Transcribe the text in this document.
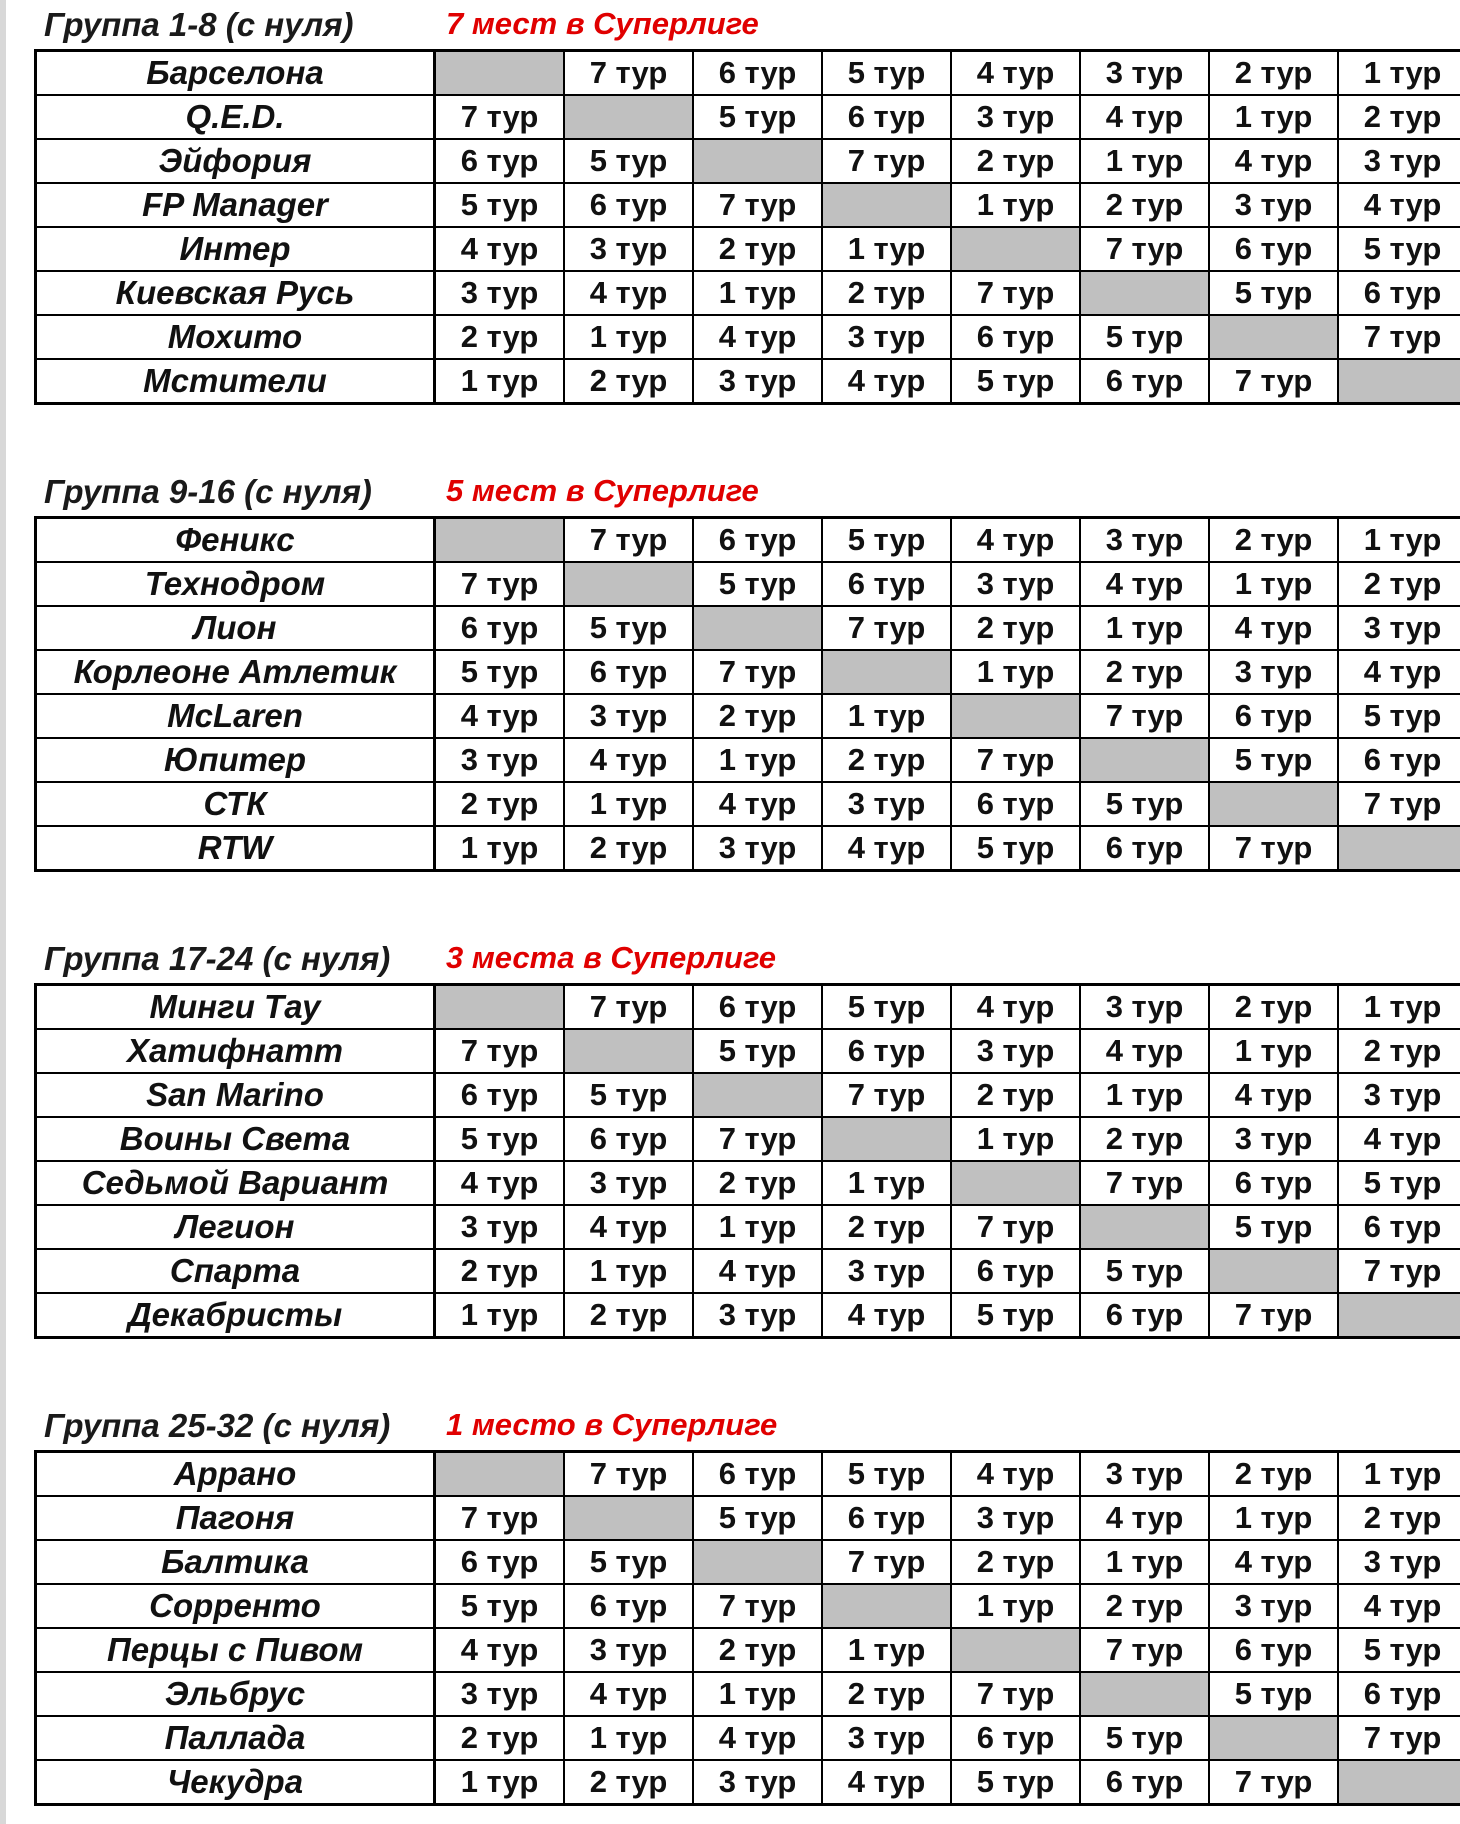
Группа 1-8 (с нуля)	7 мест в Суперлиге
Барселона		7 тур	6 тур	5 тур	4 тур	3 тур	2 тур	1 тур
Q.E.D.	7 тур		5 тур	6 тур	3 тур	4 тур	1 тур	2 тур
Эйфория	6 тур	5 тур		7 тур	2 тур	1 тур	4 тур	3 тур
FP Manager	5 тур	6 тур	7 тур		1 тур	2 тур	3 тур	4 тур
Интер	4 тур	3 тур	2 тур	1 тур		7 тур	6 тур	5 тур
Киевская Русь	3 тур	4 тур	1 тур	2 тур	7 тур		5 тур	6 тур
Мохито	2 тур	1 тур	4 тур	3 тур	6 тур	5 тур		7 тур
Мстители	1 тур	2 тур	3 тур	4 тур	5 тур	6 тур	7 тур	
Группа 9-16 (с нуля) 5 мест в Суперлиге
Феникс		7 тур	6 тур	5 тур	4 тур	3 тур	2 тур	1 тур
Технодром	7 тур		5 тур	6 тур	3 тур	4 тур	1 тур	2 тур
Лион	6 тур	5 тур		7 тур	2 тур	1 тур	4 тур	3 тур
Корлеоне Атлетик	5 тур	6 тур	7 тур		1 тур	2 тур	3 тур	4 тур
McLaren	4 тур	3 тур	2 тур	1 тур		7 тур	6 тур	5 тур
Юпитер	3 тур	4 тур	1 тур	2 тур	7 тур		5 тур	6 тур
СТК	2 тур	1 тур	4 тур	3 тур	6 тур	5 тур		7 тур
RTW	1 тур	2 тур	3 тур	4 тур	5 тур	6 тур	7 тур	
Группа 17-24 (с нуля) 3 места в Суперлиге
Минги Тау		7 тур	6 тур	5 тур	4 тур	3 тур	2 тур	1 тур
Хатифнатт	7 тур		5 тур	6 тур	3 тур	4 тур	1 тур	2 тур
San Marino	6 тур	5 тур		7 тур	2 тур	1 тур	4 тур	3 тур
Воины Света	5 тур	6 тур	7 тур		1 тур	2 тур	3 тур	4 тур
Седьмой Вариант	4 тур	3 тур	2 тур	1 тур		7 тур	6 тур	5 тур
Легион	3 тур	4 тур	1 тур	2 тур	7 тур		5 тур	6 тур
Спарта	2 тур	1 тур	4 тур	3 тур	6 тур	5 тур		7 тур
Декабристы	1 тур	2 тур	3 тур	4 тур	5 тур	6 тур	7 тур	
Группа 25-32 (с нуля) 1 место в Суперлиге
Аррано		7 тур	6 тур	5 тур	4 тур	3 тур	2 тур	1 тур
Пагоня	7 тур		5 тур	6 тур	3 тур	4 тур	1 тур	2 тур
Балтика	6 тур	5 тур		7 тур	2 тур	1 тур	4 тур	3 тур
Сорренто	5 тур	6 тур	7 тур		1 тур	2 тур	3 тур	4 тур
Перцы с Пивом	4 тур	3 тур	2 тур	1 тур		7 тур	6 тур	5 тур
Эльбрус	3 тур	4 тур	1 тур	2 тур	7 тур		5 тур	6 тур
Паллада	2 тур	1 тур	4 тур	3 тур	6 тур	5 тур		7 тур
Чекудра	1 тур	2 тур	3 тур	4 тур	5 тур	6 тур	7 тур	
